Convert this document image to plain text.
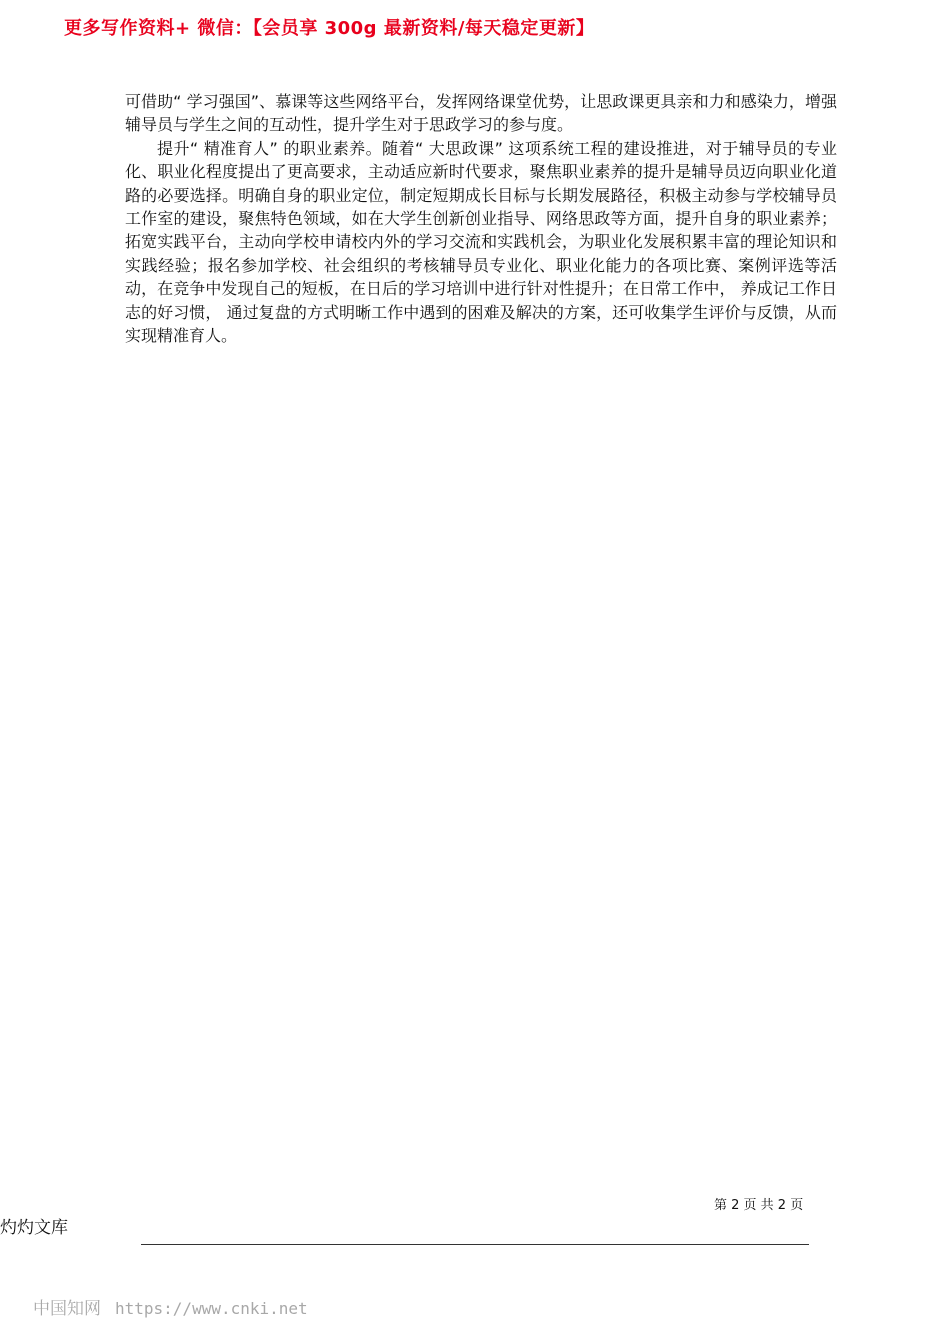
更多写作资料+ 微信：【会员享 300g 最新资料/每天稳定更新】

可借助“ 学习强国”、慕课等这些网络平台，发挥网络课堂优势，让思政课更具亲和力和感染力，增强辅导员与学生之间的互动性，提升学生对于思政学习的参与度。

提升“ 精准育人” 的职业素养。随着“ 大思政课” 这项系统工程的建设推进，对于辅导员的专业化、职业化程度提出了更高要求，主动适应新时代要求，聚焦职业素养的提升是辅导员迈向职业化道路的必要选择。明确自身的职业定位，制定短期成长目标与长期发展路径，积极主动参与学校辅导员工作室的建设，聚焦特色领域，如在大学生创新创业指导、网络思政等方面，提升自身的职业素养；拓宽实践平台，主动向学校申请校内外的学习交流和实践机会，为职业化发展积累丰富的理论知识和实践经验；报名参加学校、社会组织的考核辅导员专业化、职业化能力的各项比赛、案例评选等活动，在竞争中发现自己的短板，在日后的学习培训中进行针对性提升；在日常工作中， 养成记工作日志的好习惯， 通过复盘的方式明晰工作中遇到的困难及解决的方案，还可收集学生评价与反馈，从而实现精准育人。

第 2 页 共 2 页
灼灼文库
中国知网 https://www.cnki.net
